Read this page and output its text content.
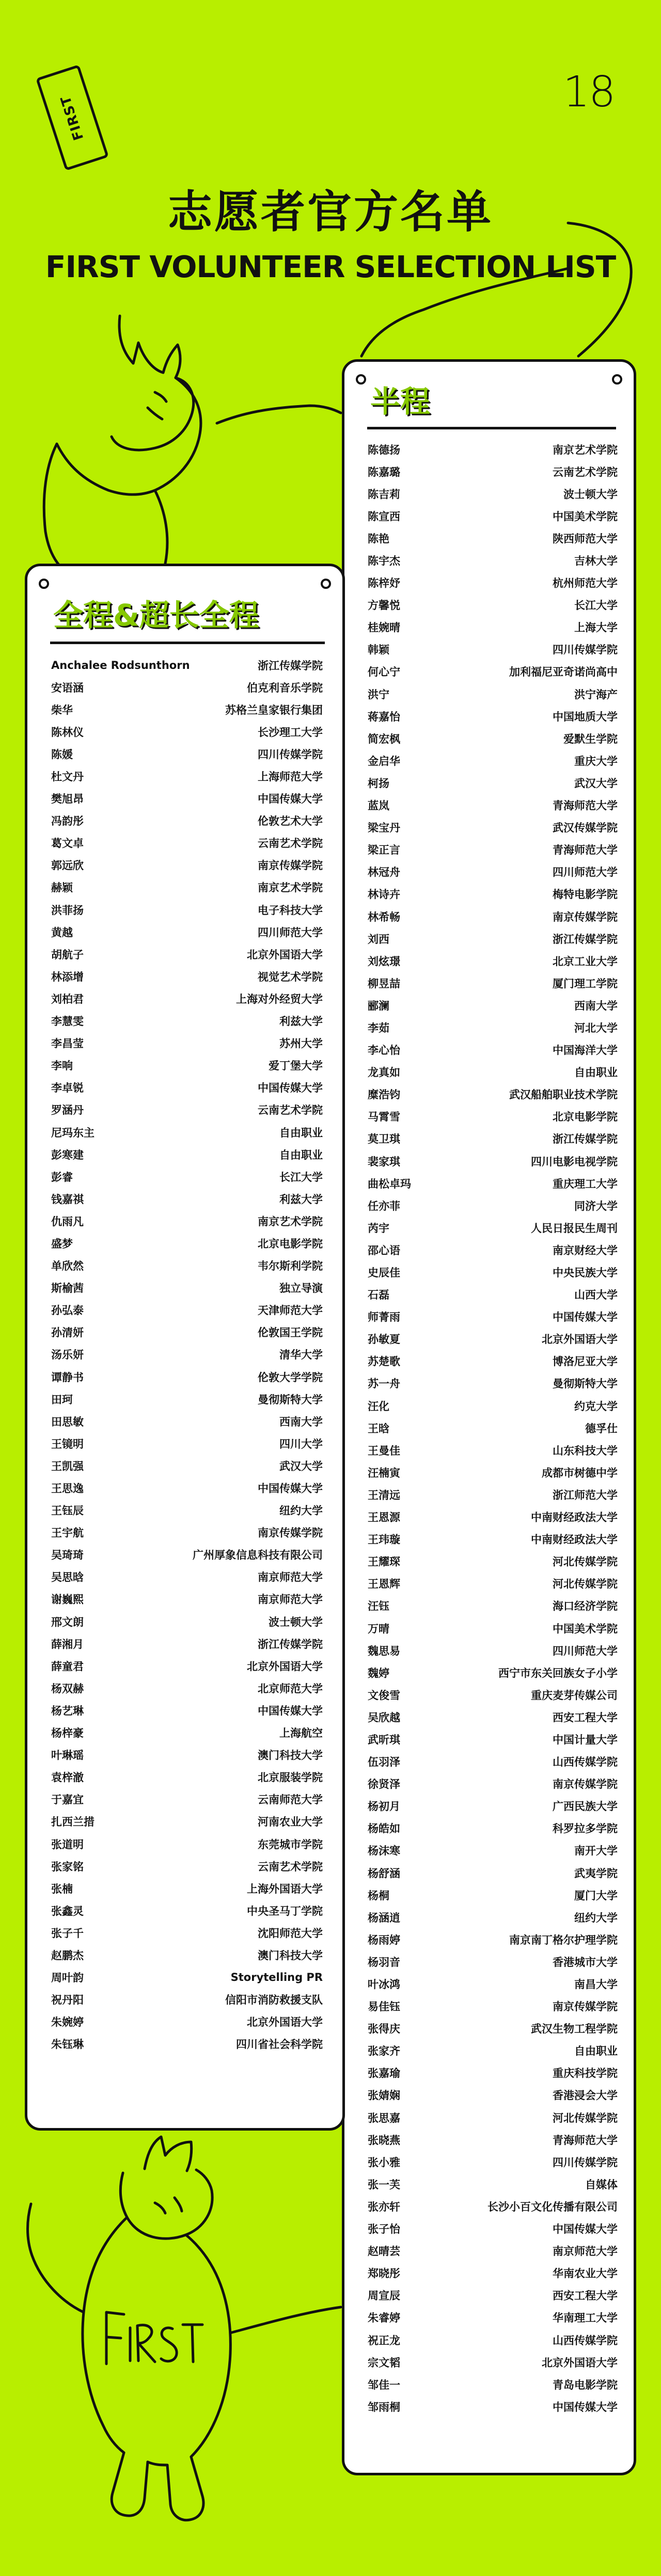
FIRST
18
志愿者官方名单
FIRST VOLUNTEER SELECTION LIST
半程
陈德扬	南京艺术学院
陈嘉璐	云南艺术学院
陈吉莉	波士顿大学
陈宣西	中国美术学院
陈艳	陕西师范大学
陈宇杰	吉林大学
陈梓妤	杭州师范大学
方馨悦	长江大学
桂婉晴	上海大学
韩颖	四川传媒学院
何心宁	加利福尼亚奇诺尚高中
洪宁	洪宁海产
蒋嘉怡	中国地质大学
简宏枫	爱默生学院
金启华	重庆大学
柯扬	武汉大学
蓝岚	青海师范大学
梁宝丹	武汉传媒学院
梁正言	青海师范大学
林冠舟	四川师范大学
林诗卉	梅特电影学院
林希畅	南京传媒学院
刘西	浙江传媒学院
刘炫璟	北京工业大学
柳昱喆	厦门理工学院
郦澜	西南大学
李茹	河北大学
李心怡	中国海洋大学
龙真如	自由职业
糜浩钧	武汉船舶职业技术学院
马霄雪	北京电影学院
莫卫琪	浙江传媒学院
裴家琪	四川电影电视学院
曲松卓玛	重庆理工大学
任亦菲	同济大学
芮宇	人民日报民生周刊
邵心语	南京财经大学
史辰佳	中央民族大学
石磊	山西大学
师菁雨	中国传媒大学
孙敏夏	北京外国语大学
苏楚歌	博洛尼亚大学
苏一舟	曼彻斯特大学
汪化	约克大学
王晗	德孚仕
王曼佳	山东科技大学
汪楠寅	成都市树德中学
王清远	浙江师范大学
王恩源	中南财经政法大学
王玮璇	中南财经政法大学
王耀琛	河北传媒学院
王恩辉	河北传媒学院
汪钰	海口经济学院
万晴	中国美术学院
魏思易	四川师范大学
魏婷	西宁市东关回族女子小学
文俊雪	重庆麦芽传媒公司
吴欣越	西安工程大学
武昕琪	中国计量大学
伍羽泽	山西传媒学院
徐贤泽	南京传媒学院
杨初月	广西民族大学
杨皓如	科罗拉多学院
杨沫寒	南开大学
杨舒涵	武夷学院
杨桐	厦门大学
杨涵逍	纽约大学
杨雨婷	南京南丁格尔护理学院
杨羽音	香港城市大学
叶冰鸿	南昌大学
易佳钰	南京传媒学院
张得庆	武汉生物工程学院
张家齐	自由职业
张嘉瑜	重庆科技学院
张婧娴	香港浸会大学
张思嘉	河北传媒学院
张晓燕	青海师范大学
张小雅	四川传媒学院
张一芙	自媒体
张亦轩	长沙小百文化传播有限公司
张子怡	中国传媒大学
赵晴芸	南京师范大学
郑晓彤	华南农业大学
周宣辰	西安工程大学
朱睿婷	华南理工大学
祝正龙	山西传媒学院
宗文韬	北京外国语大学
邹佳一	青岛电影学院
邹雨桐	中国传媒大学
全程&超长全程
Anchalee Rodsunthorn	浙江传媒学院
安语涵	伯克利音乐学院
柴华	苏格兰皇家银行集团
陈林仪	长沙理工大学
陈媛	四川传媒学院
杜文丹	上海师范大学
樊旭昂	中国传媒大学
冯韵彤	伦敦艺术大学
葛文卓	云南艺术学院
郭远欣	南京传媒学院
赫颖	南京艺术学院
洪菲扬	电子科技大学
黄越	四川师范大学
胡航子	北京外国语大学
林添增	视觉艺术学院
刘柏君	上海对外经贸大学
李慧雯	利兹大学
李昌莹	苏州大学
李响	爱丁堡大学
李卓锐	中国传媒大学
罗涵丹	云南艺术学院
尼玛东主	自由职业
彭寒建	自由职业
彭睿	长江大学
钱嘉祺	利兹大学
仇雨凡	南京艺术学院
盛梦	北京电影学院
单欣然	韦尔斯利学院
斯榆茜	独立导演
孙弘泰	天津师范大学
孙清妍	伦敦国王学院
汤乐妍	清华大学
谭静书	伦敦大学学院
田珂	曼彻斯特大学
田思敏	西南大学
王镜明	四川大学
王凯强	武汉大学
王思逸	中国传媒大学
王钰辰	纽约大学
王宇航	南京传媒学院
吴琦琦	广州厚象信息科技有限公司
吴思晗	南京师范大学
谢巍熙	南京师范大学
邢文朗	波士顿大学
薛湘月	浙江传媒学院
薛童君	北京外国语大学
杨双赫	北京师范大学
杨艺琳	中国传媒大学
杨梓豪	上海航空
叶琳瑶	澳门科技大学
袁梓澈	北京服装学院
于嘉宜	云南师范大学
扎西兰措	河南农业大学
张道明	东莞城市学院
张家铭	云南艺术学院
张楠	上海外国语大学
张鑫灵	中央圣马丁学院
张子千	沈阳师范大学
赵鹏杰	澳门科技大学
周叶韵	Storytelling PR
祝丹阳	信阳市消防救援支队
朱婉婷	北京外国语大学
朱钰琳	四川省社会科学院
